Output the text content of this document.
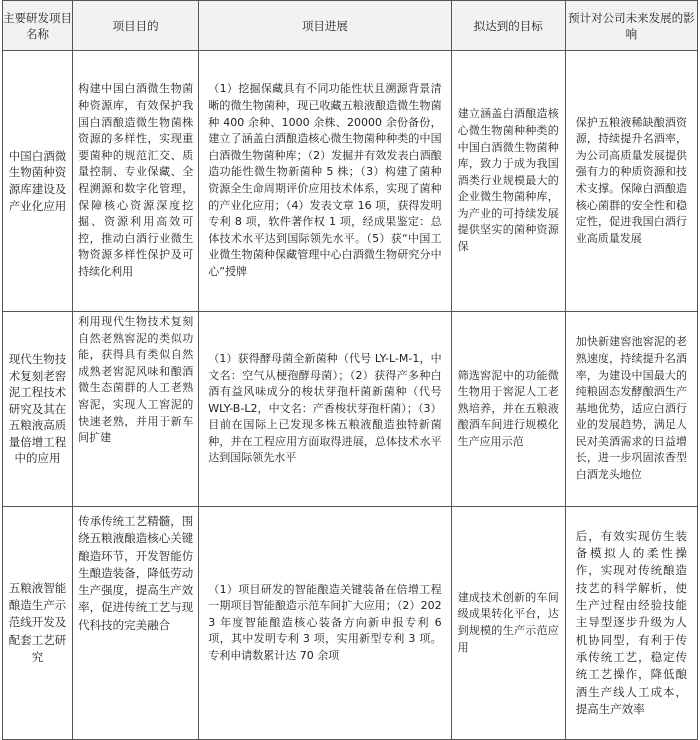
主要研发项目名称	项目目的	项目进展	拟达到的目标	预计对公司未来发展的影响

中国白酒微生物菌种资源库建设及产业化应用	构建中国白酒微生物菌种资源库，有效保护我国白酒酿造微生物菌株资源的多样性，实现重要菌种的规范汇交、质量控制、专业保藏、全程溯源和数字化管理，保障核心资源深度挖掘、资源利用高效可控，推动白酒行业微生物资源多样性保护及可持续化利用	（1）挖掘保藏具有不同功能性状且溯源背景清晰的微生物菌种，现已收藏五粮液酿造微生物菌种 400 余种、1000 余株、20000 余份备份，建立了涵盖白酒酿造核心微生物菌种种类的中国白酒微生物菌种库；（2）发掘并有效发表白酒酿造功能性微生物新菌种 5 株；（3）构建了菌种资源全生命周期评价应用技术体系，实现了菌种的产业化应用；（4）发表文章 16 项，获得发明专利 8 项，软件著作权 1 项，经成果鉴定：总体技术水平达到国际领先水平。（5）获“中国工业微生物菌种保藏管理中心白酒微生物研究分中心”授牌	建立涵盖白酒酿造核心微生物菌种种类的中国白酒微生物菌种库，致力于成为我国酒类行业规模最大的企业微生物菌种库，为产业的可持续发展提供坚实的菌种资源保	保护五粮液稀缺酿酒资源，持续提升名酒率，为公司高质量发展提供强有力的种质资源和技术支撑。保障白酒酿造核心菌群的安全性和稳定性，促进我国白酒行业高质量发展

现代生物技术复刻老窖泥工程技术研究及其在五粮液高质量倍增工程中的应用	利用现代生物技术复刻自然老熟窖泥的类似功能，获得具有类似自然成熟老窖泥风味和酿酒微生态菌群的人工老熟窖泥，实现人工窖泥的快速老熟，并用于新车间扩建	（1）获得酵母菌全新菌种（代号 LY-L-M-1，中文名：空气从梗孢酵母菌）；（2）获得产多种白酒有益风味成分的梭状芽孢杆菌新菌种（代号 WLY-B-L2，中文名：产香梭状芽孢杆菌）；（3）目前在国际上已发现多株五粮液酿造独特新菌种，并在工程应用方面取得进展，总体技术水平达到国际领先水平	筛选窖泥中的功能微生物用于窖泥人工老熟培养，并在五粮液酿酒车间进行规模化生产应用示范	加快新建窖池窖泥的老熟速度，持续提升名酒率，为建设中国最大的纯粮固态发酵酿酒生产基地优势，适应白酒行业的发展趋势，满足人民对美酒需求的日益增长，进一步巩固浓香型白酒龙头地位

五粮液智能酿造生产示范线开发及配套工艺研究	传承传统工艺精髓，围绕五粮液酿造核心关键酿造环节，开发智能仿生酿造装备，降低劳动生产强度，提高生产效率，促进传统工艺与现代科技的完美融合	（1）项目研发的智能酿造关键装备在倍增工程一期项目智能酿造示范车间扩大应用；（2）2023 年度智能酿造核心装备方向新申报专利 6 项，其中发明专利 3 项，实用新型专利 3 项。专利申请数累计达 70 余项	建成技术创新的车间级成果转化平台，达到规模的生产示范应用	后，有效实现仿生装备模拟人的柔性操作，实现对传统酿造技艺的科学解析，使生产过程由经验技能主导型逐步升级为人机协同型，有利于传承传统工艺，稳定传统工艺操作，降低酿酒生产线人工成本，提高生产效率
